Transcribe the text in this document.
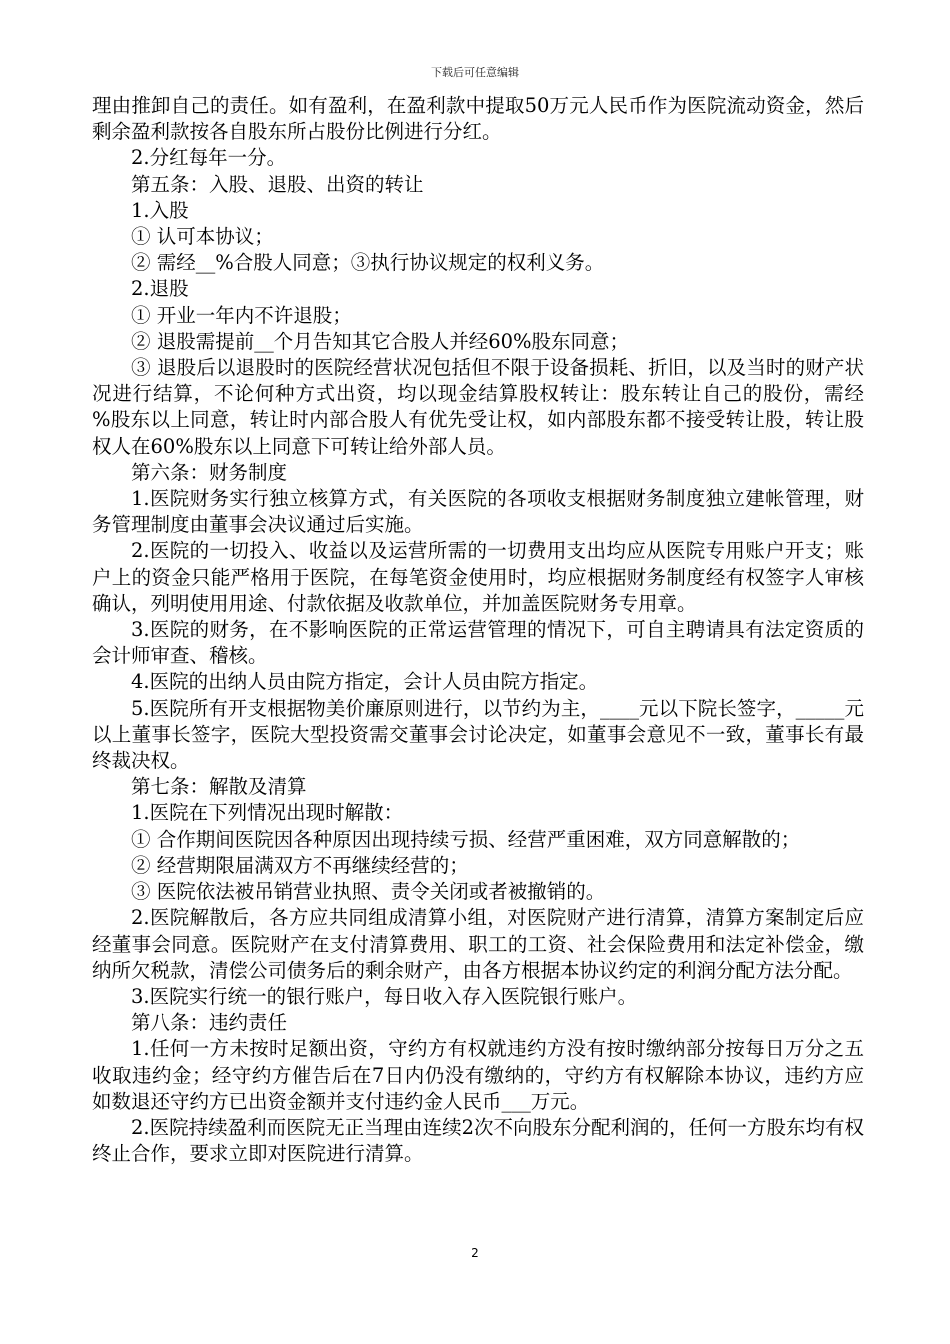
下载后可任意编辑

理由推卸自己的责任。如有盈利，在盈利款中提取50万元人民币作为医院流动资金，然后剩余盈利款按各自股东所占股份比例进行分红。

2.分红每年一分。

第五条：入股、退股、出资的转让

1.入股

① 认可本协议；

② 需经__%合股人同意；③执行协议规定的权利义务。

2.退股

① 开业一年内不许退股；

② 退股需提前__个月告知其它合股人并经60%股东同意；

③ 退股后以退股时的医院经营状况包括但不限于设备损耗、折旧，以及当时的财产状况进行结算，不论何种方式出资，均以现金结算股权转让：股东转让自己的股份，需经　%股东以上同意，转让时内部合股人有优先受让权，如内部股东都不接受转让股，转让股权人在60%股东以上同意下可转让给外部人员。

第六条：财务制度

1.医院财务实行独立核算方式，有关医院的各项收支根据财务制度独立建帐管理，财务管理制度由董事会决议通过后实施。

2.医院的一切投入、收益以及运营所需的一切费用支出均应从医院专用账户开支；账户上的资金只能严格用于医院，在每笔资金使用时，均应根据财务制度经有权签字人审核确认，列明使用用途、付款依据及收款单位，并加盖医院财务专用章。

3.医院的财务，在不影响医院的正常运营管理的情况下，可自主聘请具有法定资质的会计师审查、稽核。

4.医院的出纳人员由院方指定，会计人员由院方指定。

5.医院所有开支根据物美价廉原则进行，以节约为主，____元以下院长签字，_____元以上董事长签字，医院大型投资需交董事会讨论决定，如董事会意见不一致，董事长有最终裁决权。

第七条：解散及清算

1.医院在下列情况出现时解散：

① 合作期间医院因各种原因出现持续亏损、经营严重困难，双方同意解散的；

② 经营期限届满双方不再继续经营的；

③ 医院依法被吊销营业执照、责令关闭或者被撤销的。

2.医院解散后，各方应共同组成清算小组，对医院财产进行清算，清算方案制定后应经董事会同意。医院财产在支付清算费用、职工的工资、社会保险费用和法定补偿金，缴纳所欠税款，清偿公司债务后的剩余财产，由各方根据本协议约定的利润分配方法分配。

3.医院实行统一的银行账户，每日收入存入医院银行账户。

第八条：违约责任

1.任何一方未按时足额出资，守约方有权就违约方没有按时缴纳部分按每日万分之五收取违约金；经守约方催告后在7日内仍没有缴纳的，守约方有权解除本协议，违约方应如数退还守约方已出资金额并支付违约金人民币___万元。

2.医院持续盈利而医院无正当理由连续2次不向股东分配利润的，任何一方股东均有权终止合作，要求立即对医院进行清算。

2
